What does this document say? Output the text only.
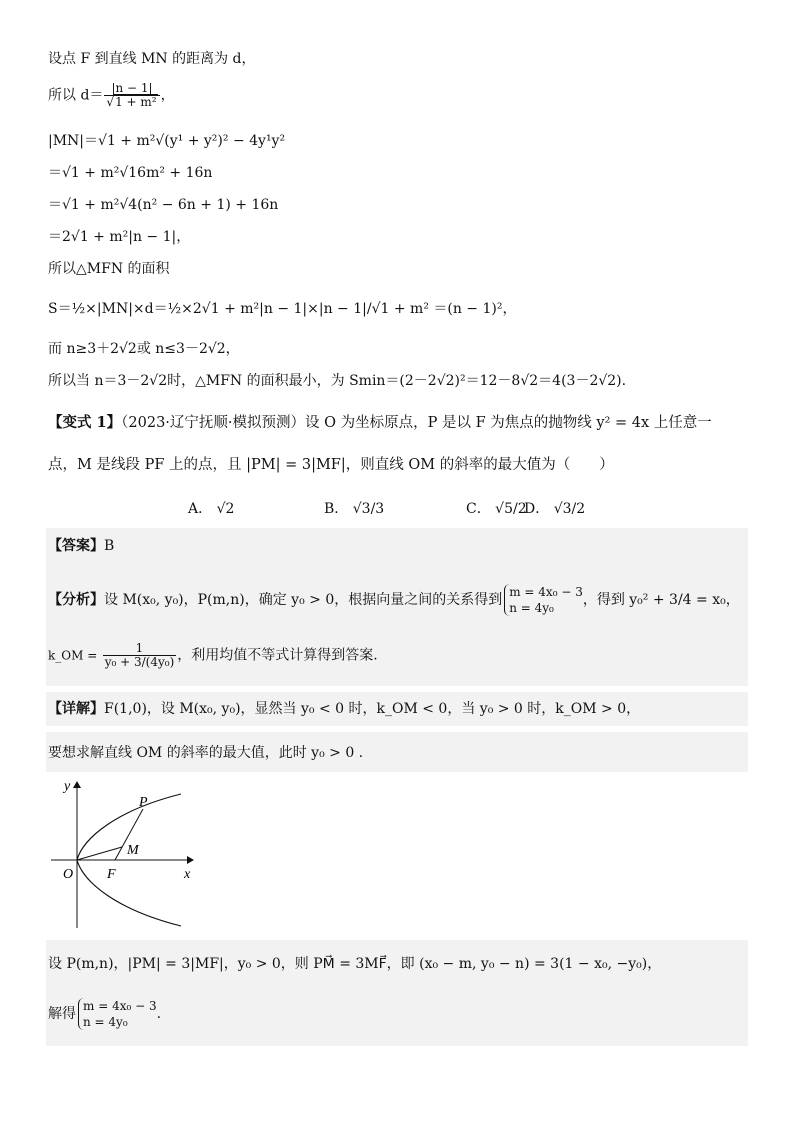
设点 F 到直线 MN 的距离为 d，
所以 $d= \frac{|n - 1|}{\text{√1 + m²}}$ ，
|MN|＝√1 + m²√(y¹ + y²)² − 4y¹y²
＝√1 + m²√16m² + 16n
＝√1 + m²√4(n² − 6n + 1) + 16n
＝2√1 + m²|n − 1|，
所以△MFN 的面积
S＝½×|MN|×d＝½×2√1 + m²|n − 1|×|n − 1|/√1 + m² ＝(n − 1)²，
而 n≥3＋2√2或 n≤3－2√2，
所以当 n＝3－2√2时，△MFN 的面积最小，为 Smin＝(2－2√2)²＝12－8√2＝4(3－2√2).
【变式 1】（2023·辽宁抚顺·模拟预测）设 O 为坐标原点，P 是以 F 为焦点的抛物线 y² = 4x 上任意一
点，M 是线段 PF 上的点，且 |PM| = 3|MF|，则直线 OM 的斜率的最大值为（　　）
A． √2	B． √3/3	C． √5/2
D． √3/2
【答案】B
【分析】设 M(x₀, y₀)，P(m,n)，确定 y₀ > 0，根据向量之间的关系得到 m = 4x₀ − 3
n = 4y₀	，得到 y₀² + 3/4 = x₀，
k_OM = $\frac{1}{\text{y₀ + 3/(4y₀)}}$ ，利用均值不等式计算得到答案.
【详解】F(1,0)，设 M(x₀, y₀)，显然当 y₀ < 0 时，k_OM < 0，当 y₀ > 0 时，k_OM > 0，
要想求解直线 OM 的斜率的最大值，此时 y₀ > 0 .
y
x
O F
P
M
设 P(m,n)，|PM| = 3|MF|，y₀ > 0，则 PM⃗ = 3MF⃗，即 (x₀ − m, y₀ − n) = 3(1 − x₀, −y₀)，
解得 m = 4x₀ − 3
n = 4y₀	.
